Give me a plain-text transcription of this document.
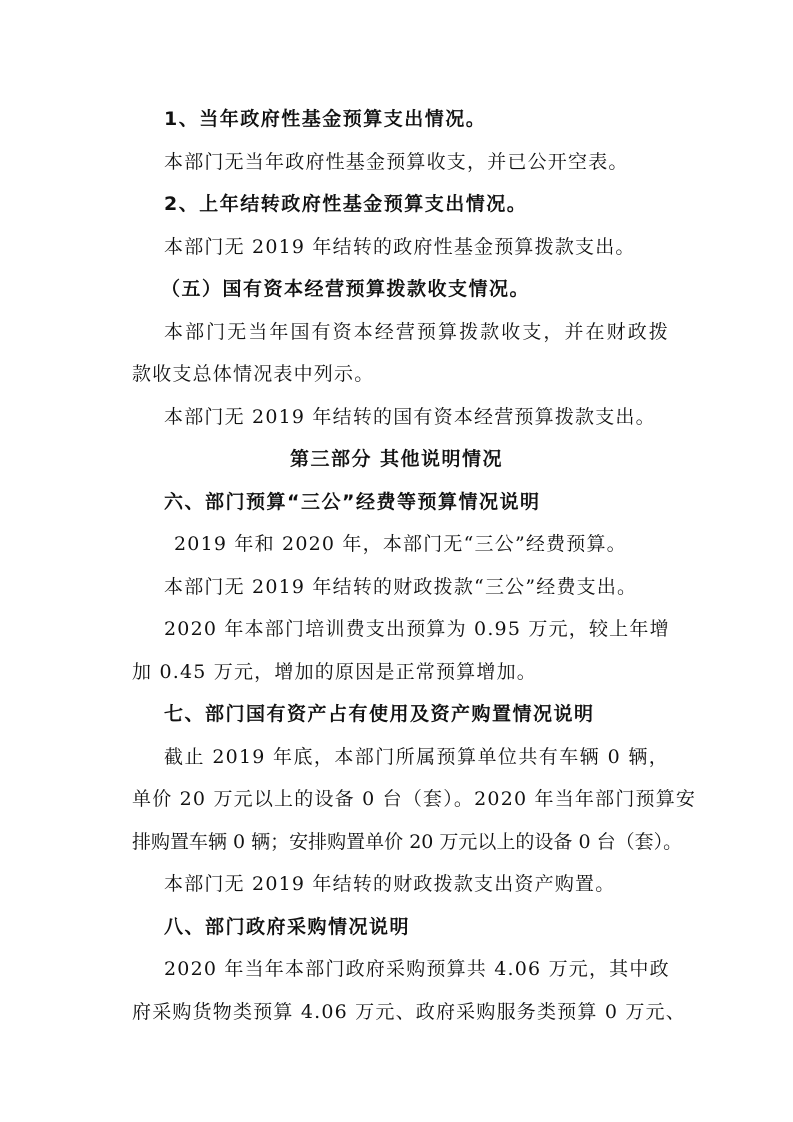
1、当年政府性基金预算支出情况。
本部门无当年政府性基金预算收支，并已公开空表。
2、上年结转政府性基金预算支出情况。
本部门无 2019 年结转的政府性基金预算拨款支出。
（五）国有资本经营预算拨款收支情况。
本部门无当年国有资本经营预算拨款收支，并在财政拨
款收支总体情况表中列示。
本部门无 2019 年结转的国有资本经营预算拨款支出。
第三部分 其他说明情况
六、部门预算“三公”经费等预算情况说明
2019 年和 2020 年，本部门无“三公”经费预算。
本部门无 2019 年结转的财政拨款“三公”经费支出。
2020 年本部门培训费支出预算为 0.95 万元，较上年增
加 0.45 万元，增加的原因是正常预算增加。
七、部门国有资产占有使用及资产购置情况说明
截止 2019 年底，本部门所属预算单位共有车辆 0 辆，
单价 20 万元以上的设备 0 台（套）。2020 年当年部门预算安
排购置车辆 0 辆；安排购置单价 20 万元以上的设备 0 台（套）。
本部门无 2019 年结转的财政拨款支出资产购置。
八、部门政府采购情况说明
2020 年当年本部门政府采购预算共 4.06 万元，其中政
府采购货物类预算 4.06 万元、政府采购服务类预算 0 万元、
